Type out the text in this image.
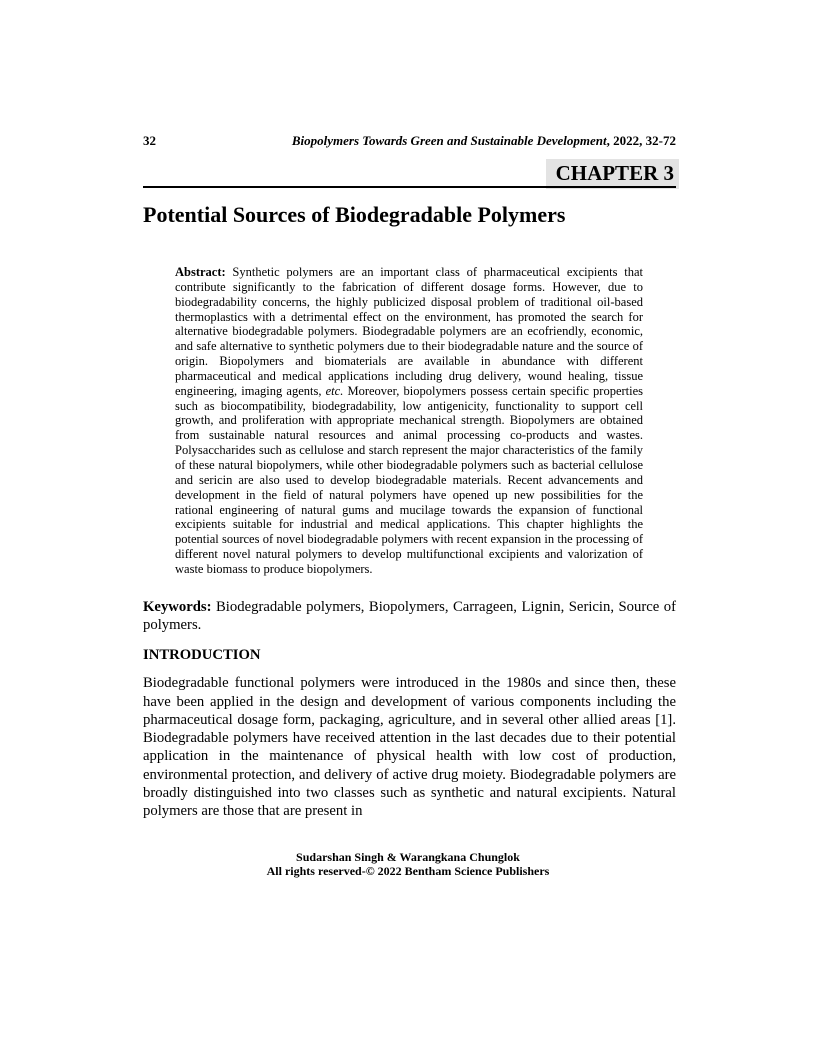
32	Biopolymers Towards Green and Sustainable Development, 2022, 32-72
CHAPTER 3
Potential Sources of Biodegradable Polymers

Abstract: Synthetic polymers are an important class of pharmaceutical excipients that contribute significantly to the fabrication of different dosage forms. However, due to biodegradability concerns, the highly publicized disposal problem of traditional oil-based thermoplastics with a detrimental effect on the environment, has promoted the search for alternative biodegradable polymers. Biodegradable polymers are an ecofriendly, economic, and safe alternative to synthetic polymers due to their biodegradable nature and the source of origin. Biopolymers and biomaterials are available in abundance with different pharmaceutical and medical applications including drug delivery, wound healing, tissue engineering, imaging agents, etc. Moreover, biopolymers possess certain specific properties such as biocompatibility, biodegradability, low antigenicity, functionality to support cell growth, and proliferation with appropriate mechanical strength. Biopolymers are obtained from sustainable natural resources and animal processing co-products and wastes. Polysaccharides such as cellulose and starch represent the major characteristics of the family of these natural biopolymers, while other biodegradable polymers such as bacterial cellulose and sericin are also used to develop biodegradable materials. Recent advancements and development in the field of natural polymers have opened up new possibilities for the rational engineering of natural gums and mucilage towards the expansion of functional excipients suitable for industrial and medical applications. This chapter highlights the potential sources of novel biodegradable polymers with recent expansion in the processing of different novel natural polymers to develop multifunctional excipients and valorization of waste biomass to produce biopolymers.

Keywords: Biodegradable polymers, Biopolymers, Carrageen, Lignin, Sericin, Source of polymers.

INTRODUCTION

Biodegradable functional polymers were introduced in the 1980s and since then, these have been applied in the design and development of various components including the pharmaceutical dosage form, packaging, agriculture, and in several other allied areas [1]. Biodegradable polymers have received attention in the last decades due to their potential application in the maintenance of physical health with low cost of production, environmental protection, and delivery of active drug moiety. Biodegradable polymers are broadly distinguished into two classes such as synthetic and natural excipients. Natural polymers are those that are present in

Sudarshan Singh & Warangkana Chunglok
All rights reserved-© 2022 Bentham Science Publishers
